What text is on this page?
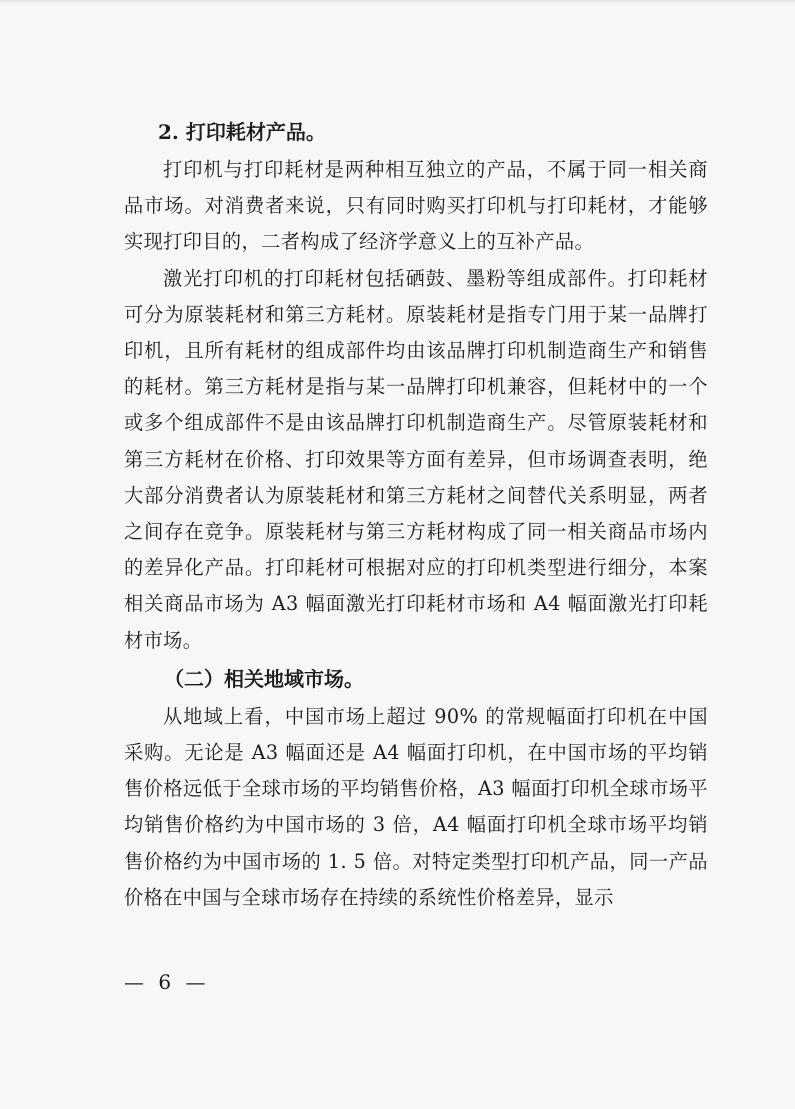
2. 打印耗材产品。

打印机与打印耗材是两种相互独立的产品，不属于同一相关商品市场。对消费者来说，只有同时购买打印机与打印耗材，才能够实现打印目的，二者构成了经济学意义上的互补产品。

激光打印机的打印耗材包括硒鼓、墨粉等组成部件。打印耗材可分为原装耗材和第三方耗材。原装耗材是指专门用于某一品牌打印机，且所有耗材的组成部件均由该品牌打印机制造商生产和销售的耗材。第三方耗材是指与某一品牌打印机兼容，但耗材中的一个或多个组成部件不是由该品牌打印机制造商生产。尽管原装耗材和第三方耗材在价格、打印效果等方面有差异，但市场调查表明，绝大部分消费者认为原装耗材和第三方耗材之间替代关系明显，两者之间存在竞争。原装耗材与第三方耗材构成了同一相关商品市场内的差异化产品。打印耗材可根据对应的打印机类型进行细分，本案相关商品市场为 A3 幅面激光打印耗材市场和 A4 幅面激光打印耗材市场。

（二）相关地域市场。

从地域上看，中国市场上超过 90% 的常规幅面打印机在中国采购。无论是 A3 幅面还是 A4 幅面打印机，在中国市场的平均销售价格远低于全球市场的平均销售价格，A3 幅面打印机全球市场平均销售价格约为中国市场的 3 倍，A4 幅面打印机全球市场平均销售价格约为中国市场的 1. 5 倍。对特定类型打印机产品，同一产品价格在中国与全球市场存在持续的系统性价格差异，显示

— 6 —
